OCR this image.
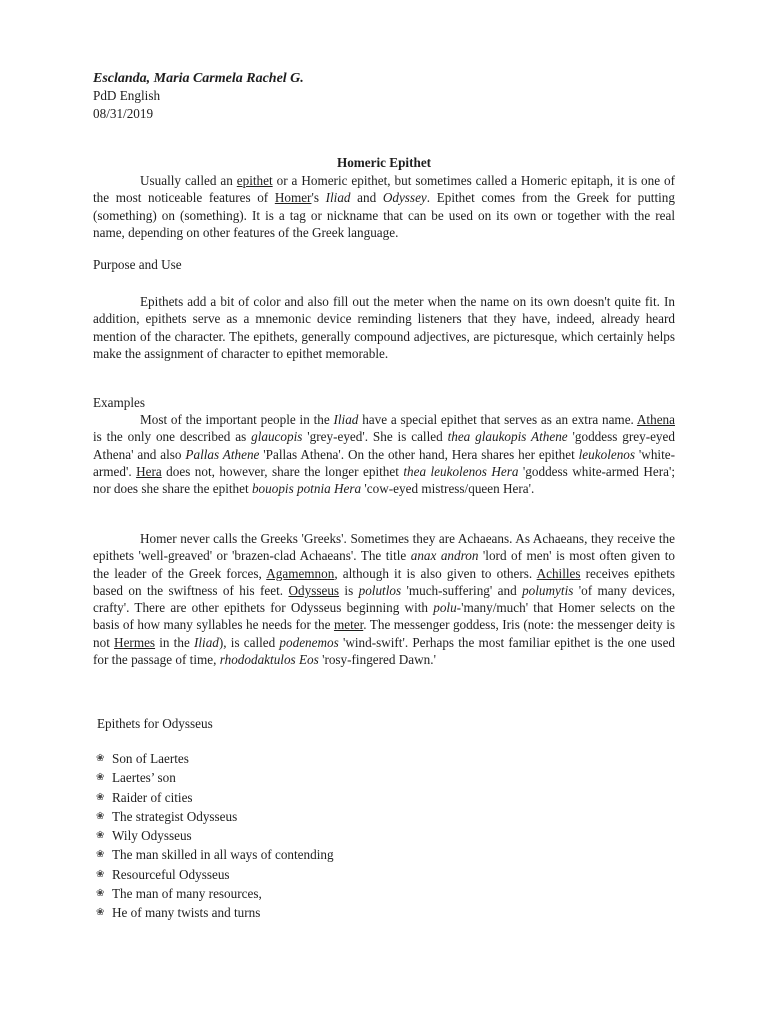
Esclanda, Maria Carmela Rachel G.
PdD English
08/31/2019
Homeric Epithet

Usually called an epithet or a Homeric epithet, but sometimes called a Homeric epitaph, it is one of the most noticeable features of Homer's Iliad and Odyssey. Epithet comes from the Greek for putting (something) on (something). It is a tag or nickname that can be used on its own or together with the real name, depending on other features of the Greek language.

Purpose and Use

Epithets add a bit of color and also fill out the meter when the name on its own doesn't quite fit. In addition, epithets serve as a mnemonic device reminding listeners that they have, indeed, already heard mention of the character. The epithets, generally compound adjectives, are picturesque, which certainly helps make the assignment of character to epithet memorable.

Examples

Most of the important people in the Iliad have a special epithet that serves as an extra name. Athena is the only one described as glaucopis 'grey-eyed'. She is called thea glaukopis Athene 'goddess grey-eyed Athena' and also Pallas Athene 'Pallas Athena'. On the other hand, Hera shares her epithet leukolenos 'white-armed'. Hera does not, however, share the longer epithet thea leukolenos Hera 'goddess white-armed Hera'; nor does she share the epithet bouopis potnia Hera 'cow-eyed mistress/queen Hera'.

Homer never calls the Greeks 'Greeks'. Sometimes they are Achaeans. As Achaeans, they receive the epithets 'well-greaved' or 'brazen-clad Achaeans'. The title anax andron 'lord of men' is most often given to the leader of the Greek forces, Agamemnon, although it is also given to others. Achilles receives epithets based on the swiftness of his feet. Odysseus is polutlos 'much-suffering' and polumytis 'of many devices, crafty'. There are other epithets for Odysseus beginning with polu-'many/much' that Homer selects on the basis of how many syllables he needs for the meter. The messenger goddess, Iris (note: the messenger deity is not Hermes in the Iliad), is called podenemos 'wind-swift'. Perhaps the most familiar epithet is the one used for the passage of time, rhododaktulos Eos 'rosy-fingered Dawn.'

Epithets for Odysseus
❀ Son of Laertes
❀ Laertes’ son
❀ Raider of cities
❀ The strategist Odysseus
❀ Wily Odysseus
❀ The man skilled in all ways of contending
❀ Resourceful Odysseus
❀ The man of many resources,
❀ He of many twists and turns
